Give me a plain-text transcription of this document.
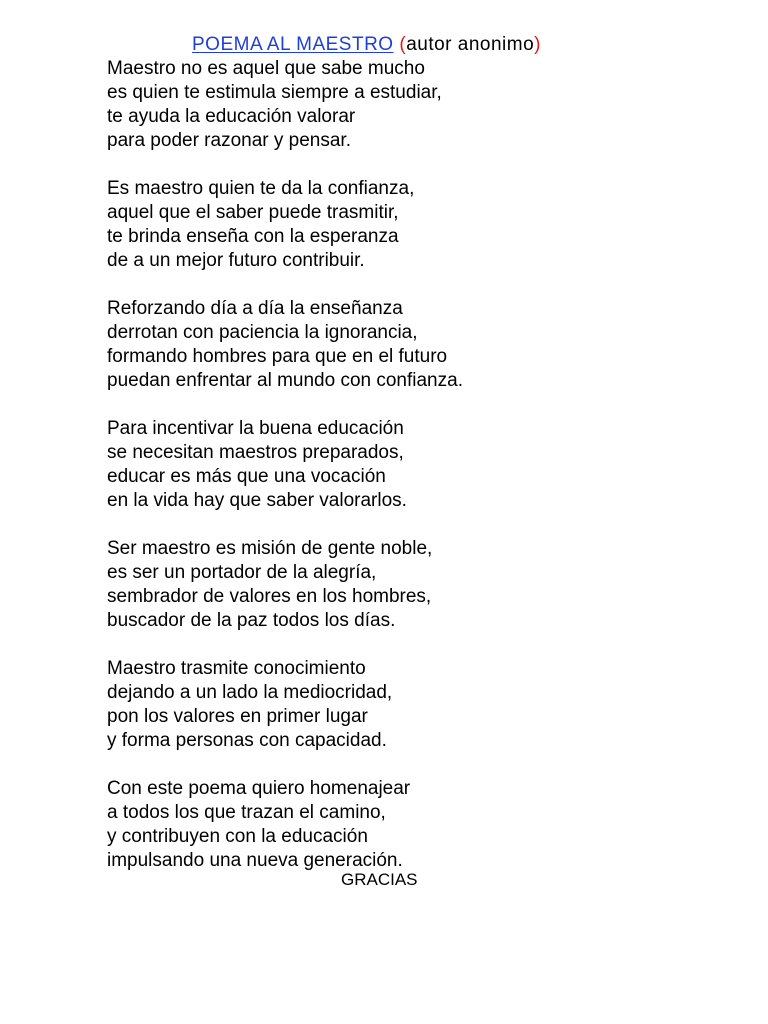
POEMA AL MAESTRO (autor anonimo)
Maestro no es aquel que sabe mucho
es quien te estimula siempre a estudiar,
te ayuda la educación valorar
para poder razonar y pensar.
Es maestro quien te da la confianza,
aquel que el saber puede trasmitir,
te brinda enseña con la esperanza
de a un mejor futuro contribuir.
Reforzando día a día la enseñanza
derrotan con paciencia la ignorancia,
formando hombres para que en el futuro
puedan enfrentar al mundo con confianza.
Para incentivar la buena educación
se necesitan maestros preparados,
educar es más que una vocación
en la vida hay que saber valorarlos.
Ser maestro es misión de gente noble,
es ser un portador de la alegría,
sembrador de valores en los hombres,
buscador de la paz todos los días.
Maestro trasmite conocimiento
dejando a un lado la mediocridad,
pon los valores en primer lugar
y forma personas con capacidad.
Con este poema quiero homenajear
a todos los que trazan el camino,
y contribuyen con la educación
impulsando una nueva generación.
GRACIAS
